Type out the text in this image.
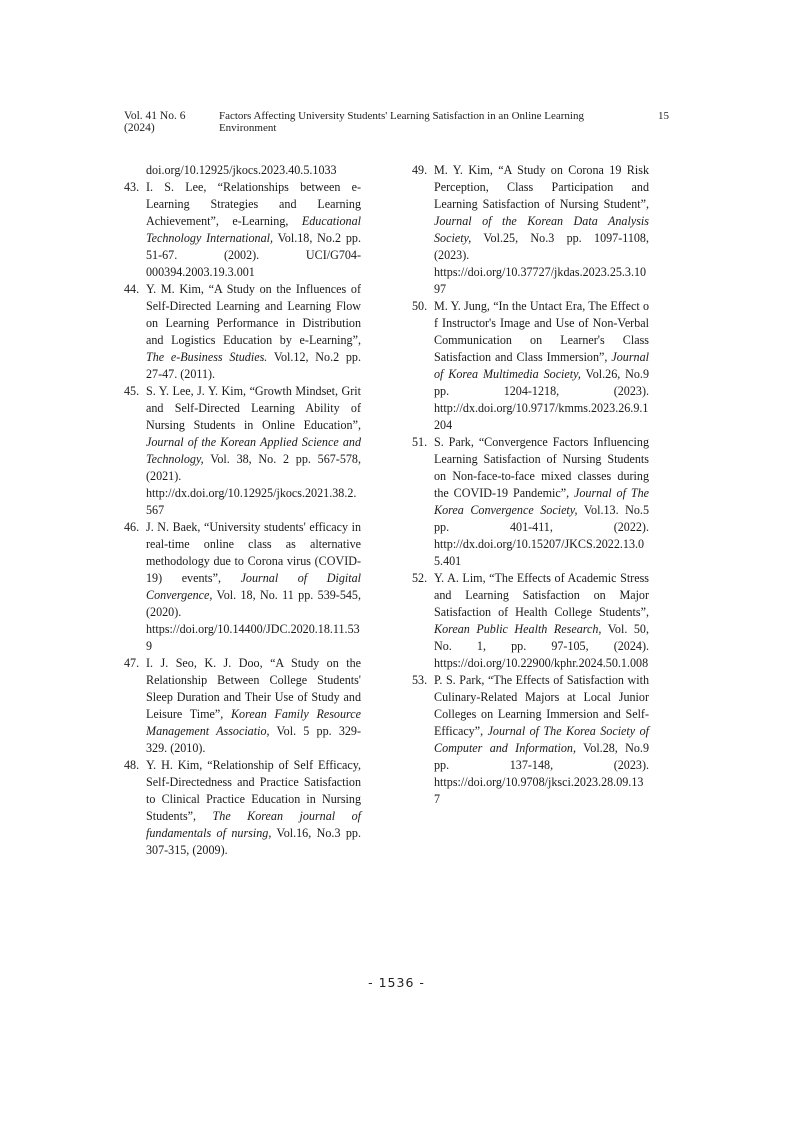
Vol. 41 No. 6 (2024)
Factors Affecting University Students' Learning Satisfaction in an Online Learning Environment
15
doi.org/10.12925/jkocs.2023.40.5.1033
43. I. S. Lee, “Relationships between e-Learning Strategies and Learning Achievement”, e-Learning, Educational Technology International, Vol.18, No.2 pp. 51-67. (2002). UCI/G704-000394.2003.19.3.001
44. Y. M. Kim, “A Study on the Influences of Self-Directed Learning and Learning Flow on Learning Performance in Distribution and Logistics Education by e-Learning”, The e-Business Studies. Vol.12, No.2 pp. 27-47. (2011).
45. S. Y. Lee, J. Y. Kim, “Growth Mindset, Grit and Self-Directed Learning Ability of Nursing Students in Online Education”, Journal of the Korean Applied Science and Technology, Vol. 38, No. 2 pp. 567-578, (2021). http://dx.doi.org/10.12925/jkocs.2021.38.2.567
46. J. N. Baek, “University students' efficacy in real-time online class as alternative methodology due to Corona virus (COVID-19) events”, Journal of Digital Convergence, Vol. 18, No. 11 pp. 539-545, (2020). https://doi.org/10.14400/JDC.2020.18.11.539
47. I. J. Seo, K. J. Doo, “A Study on the Relationship Between College Students' Sleep Duration and Their Use of Study and Leisure Time”, Korean Family Resource Management Associatio, Vol. 5 pp. 329-329. (2010).
48. Y. H. Kim, “Relationship of Self Efficacy, Self-Directedness and Practice Satisfaction to Clinical Practice Education in Nursing Students”, The Korean journal of fundamentals of nursing, Vol.16, No.3 pp. 307-315, (2009).
49. M. Y. Kim, “A Study on Corona 19 Risk Perception, Class Participation and Learning Satisfaction of Nursing Student”, Journal of the Korean Data Analysis Society, Vol.25, No.3 pp. 1097-1108, (2023). https://doi.org/10.37727/jkdas.2023.25.3.1097
50. M. Y. Jung, “In the Untact Era, The Effect o f Instructor's Image and Use of Non-Verbal Communication on Learner's Class Satisfaction and Class Immersion”, Journal of Korea Multimedia Society, Vol.26, No.9 pp. 1204-1218, (2023). http://dx.doi.org/10.9717/kmms.2023.26.9.1204
51. S. Park, “Convergence Factors Influencing Learning Satisfaction of Nursing Students on Non-face-to-face mixed classes during the COVID-19 Pandemic”, Journal of The Korea Convergence Society, Vol.13. No.5 pp. 401-411, (2022). http://dx.doi.org/10.15207/JKCS.2022.13.05.401
52. Y. A. Lim, “The Effects of Academic Stress and Learning Satisfaction on Major Satisfaction of Health College Students”, Korean Public Health Research, Vol. 50, No. 1, pp. 97-105, (2024). https://doi.org/10.22900/kphr.2024.50.1.008
53. P. S. Park, “The Effects of Satisfaction with Culinary-Related Majors at Local Junior Colleges on Learning Immersion and Self-Efficacy”, Journal of The Korea Society of Computer and Information, Vol.28, No.9 pp. 137-148, (2023). https://doi.org/10.9708/jksci.2023.28.09.137
- 1536 -
